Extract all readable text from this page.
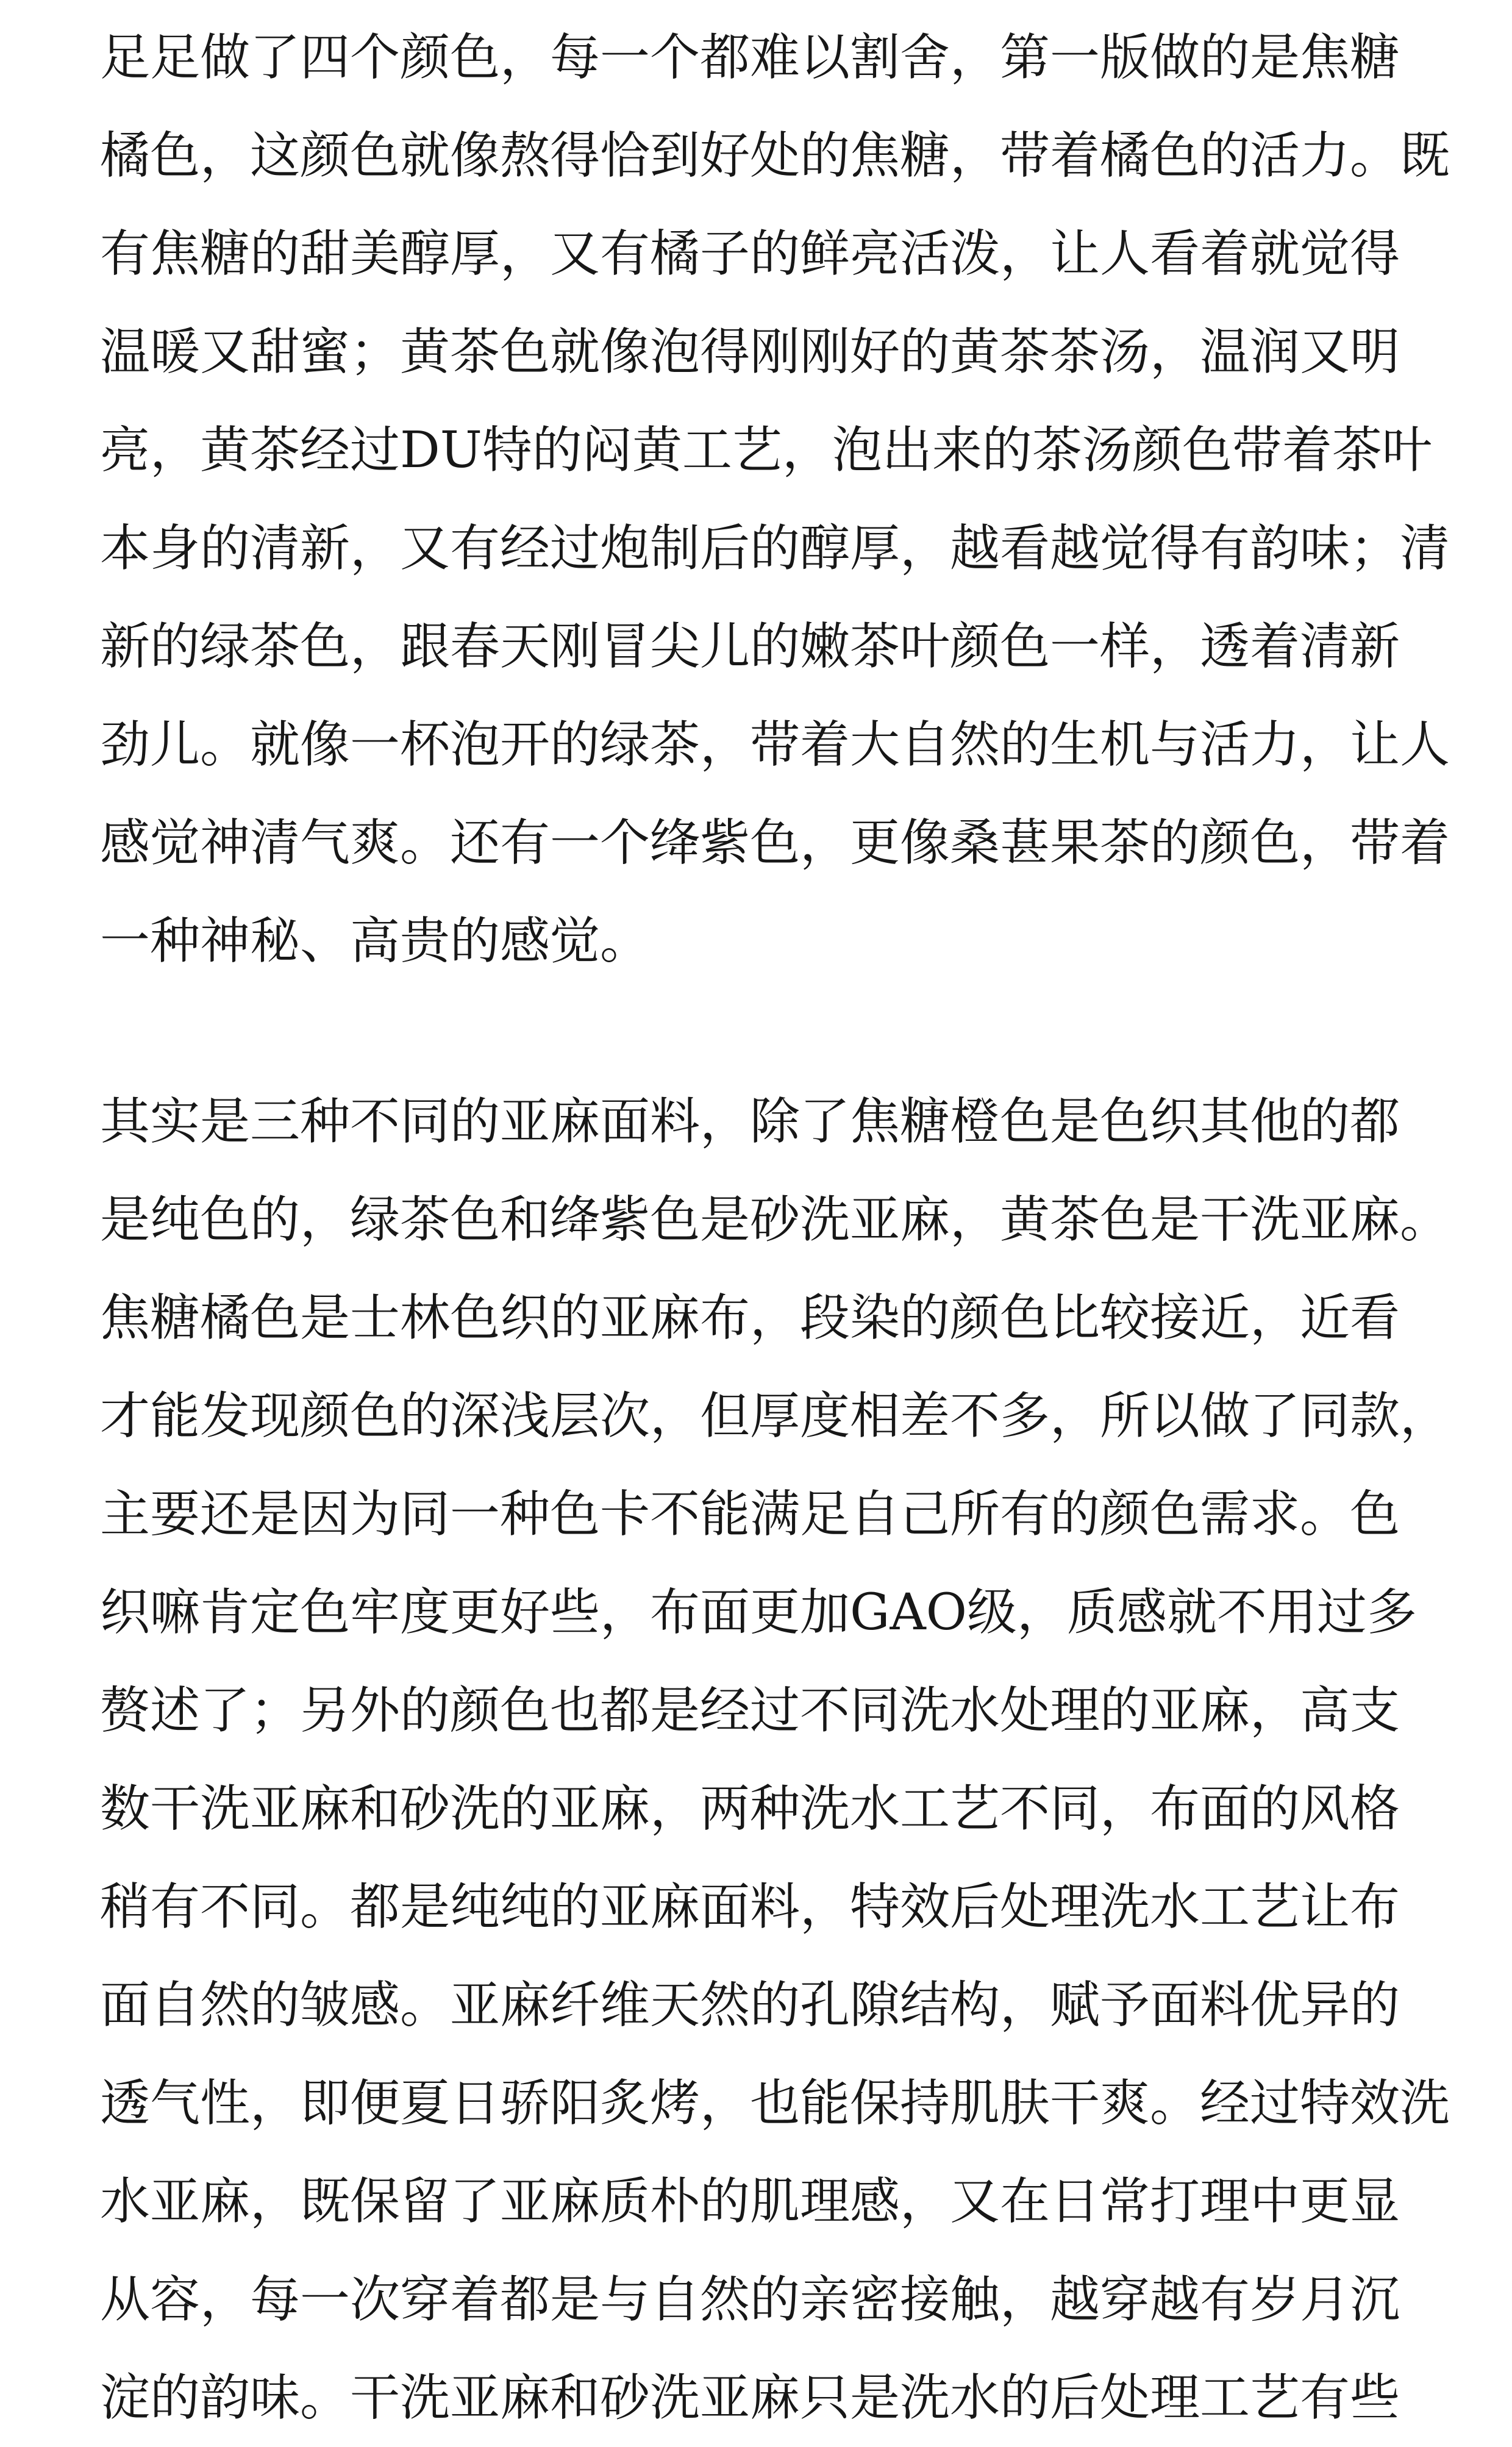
足足做了四个颜色，每一个都难以割舍，第一版做的是焦糖
橘色，这颜色就像熬得恰到好处的焦糖，带着橘色的活力。既
有焦糖的甜美醇厚，又有橘子的鲜亮活泼，让人看着就觉得
温暖又甜蜜；黄茶色就像泡得刚刚好的黄茶茶汤，温润又明
亮，黄茶经过DU特的闷黄工艺，泡出来的茶汤颜色带着茶叶
本身的清新，又有经过炮制后的醇厚，越看越觉得有韵味；清
新的绿茶色，跟春天刚冒尖儿的嫩茶叶颜色一样，透着清新
劲儿。就像一杯泡开的绿茶，带着大自然的生机与活力，让人
感觉神清气爽。还有一个绛紫色，更像桑葚果茶的颜色，带着
一种神秘、高贵的感觉。

其实是三种不同的亚麻面料，除了焦糖橙色是色织其他的都
是纯色的，绿茶色和绛紫色是砂洗亚麻，黄茶色是干洗亚麻。
焦糖橘色是士林色织的亚麻布，段染的颜色比较接近，近看
才能发现颜色的深浅层次，但厚度相差不多，所以做了同款，
主要还是因为同一种色卡不能满足自己所有的颜色需求。色
织嘛肯定色牢度更好些，布面更加GAO级，质感就不用过多
赘述了；另外的颜色也都是经过不同洗水处理的亚麻，高支
数干洗亚麻和砂洗的亚麻，两种洗水工艺不同，布面的风格
稍有不同。都是纯纯的亚麻面料，特效后处理洗水工艺让布
面自然的皱感。亚麻纤维天然的孔隙结构，赋予面料优异的
透气性，即便夏日骄阳炙烤，也能保持肌肤干爽。经过特效洗
水亚麻，既保留了亚麻质朴的肌理感，又在日常打理中更显
从容，每一次穿着都是与自然的亲密接触，越穿越有岁月沉
淀的韵味。干洗亚麻和砂洗亚麻只是洗水的后处理工艺有些
